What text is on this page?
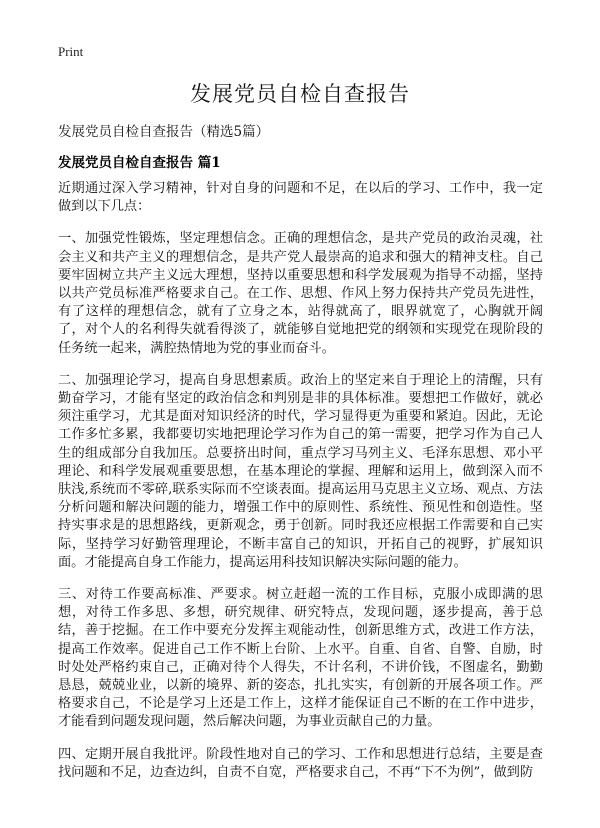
Print
发展党员自检自查报告
发展党员自检自查报告（精选5篇）
发展党员自检自查报告 篇1

近期通过深入学习精神，针对自身的问题和不足，在以后的学习、工作中，我一定做到以下几点：

一、加强党性锻炼，坚定理想信念。正确的理想信念，是共产党员的政治灵魂，社会主义和共产主义的理想信念，是共产党人最崇高的追求和强大的精神支柱。自己要牢固树立共产主义远大理想，坚持以重要思想和科学发展观为指导不动摇，坚持以共产党员标准严格要求自己。在工作、思想、作风上努力保持共产党员先进性，有了这样的理想信念，就有了立身之本，站得就高了，眼界就宽了，心胸就开阔了，对个人的名利得失就看得淡了，就能够自觉地把党的纲领和实现党在现阶段的任务统一起来，满腔热情地为党的事业而奋斗。

二、加强理论学习，提高自身思想素质。政治上的坚定来自于理论上的清醒，只有勤奋学习，才能有坚定的政治信念和判别是非的具体标准。要想把工作做好，就必须注重学习，尤其是面对知识经济的时代，学习显得更为重要和紧迫。因此，无论工作多忙多累，我都要切实地把理论学习作为自己的第一需要，把学习作为自己人生的组成部分自我加压。总要挤出时间，重点学习马列主义、毛泽东思想、邓小平理论、和科学发展观重要思想，在基本理论的掌握、理解和运用上，做到深入而不肤浅,系统而不零碎,联系实际而不空谈表面。提高运用马克思主义立场、观点、方法分析问题和解决问题的能力，增强工作中的原则性、系统性、预见性和创造性。坚持实事求是的思想路线，更新观念，勇于创新。同时我还应根据工作需要和自己实际，坚持学习好勤管理理论，不断丰富自己的知识，开拓自己的视野，扩展知识面。才能提高自身工作能力，提高运用科技知识解决实际问题的能力。

三、对待工作要高标准、严要求。树立赶超一流的工作目标，克服小成即满的思想，对待工作多思、多想，研究规律、研究特点，发现问题，逐步提高，善于总结，善于挖掘。在工作中要充分发挥主观能动性，创新思维方式，改进工作方法，提高工作效率。促进自己工作不断上台阶、上水平。自重、自省、自警、自励，时时处处严格约束自己，正确对待个人得失，不计名利，不讲价钱，不图虚名，勤勤恳恳，兢兢业业，以新的境界、新的姿态，扎扎实实，有创新的开展各项工作。严格要求自己，不论是学习上还是工作上，这样才能保证自己不断的在工作中进步，才能看到问题发现问题，然后解决问题，为事业贡献自己的力量。

四、定期开展自我批评。阶段性地对自己的学习、工作和思想进行总结，主要是查找问题和不足，边查边纠，自责不自宽，严格要求自己，不再“下不为例”，做到防
